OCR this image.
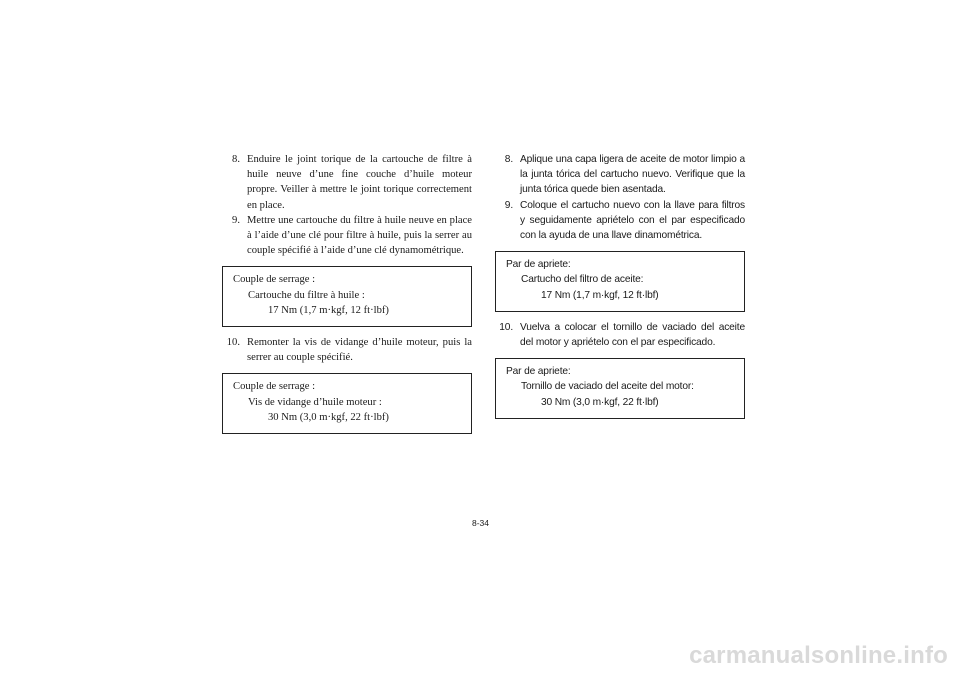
8. Enduire le joint torique de la cartouche de filtre à huile neuve d’une fine couche d’huile moteur propre. Veiller à mettre le joint torique correctement en place.
9. Mettre une cartouche du filtre à huile neuve en place à l’aide d’une clé pour filtre à huile, puis la serrer au couple spécifié à l’aide d’une clé dynamométrique.
Couple de serrage :
Cartouche du filtre à huile :
17 Nm (1,7 m·kgf, 12 ft·lbf)
10. Remonter la vis de vidange d’huile moteur, puis la serrer au couple spécifié.
Couple de serrage :
Vis de vidange d’huile moteur :
30 Nm (3,0 m·kgf, 22 ft·lbf)
8. Aplique una capa ligera de aceite de motor limpio a la junta tórica del cartucho nuevo. Verifique que la junta tórica quede bien asentada.
9. Coloque el cartucho nuevo con la llave para filtros y seguidamente apriételo con el par especificado con la ayuda de una llave dinamométrica.
Par de apriete:
Cartucho del filtro de aceite:
17 Nm (1,7 m·kgf, 12 ft·lbf)
10. Vuelva a colocar el tornillo de vaciado del aceite del motor y apriételo con el par especificado.
Par de apriete:
Tornillo de vaciado del aceite del motor:
30 Nm (3,0 m·kgf, 22 ft·lbf)
8-34
carmanualsonline.info
